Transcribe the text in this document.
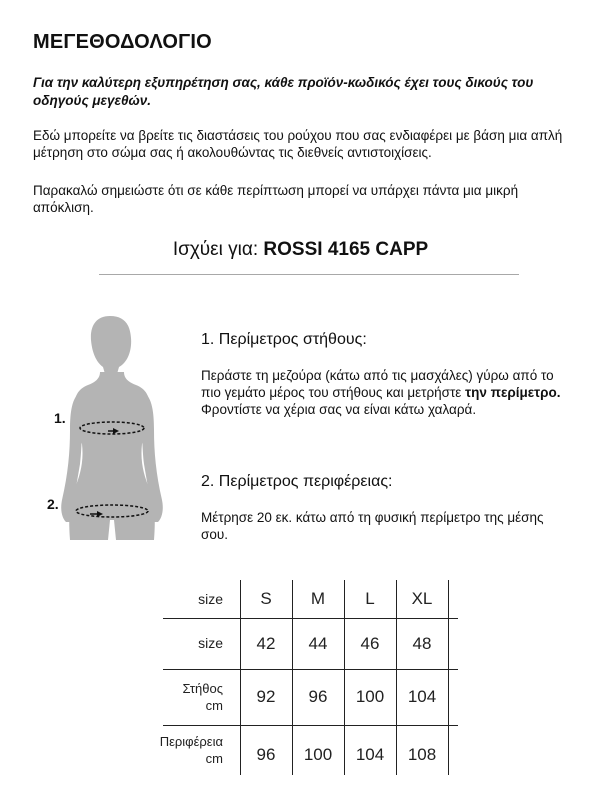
ΜΕΓΕΘΟΔΟΛΟΓΙΟ
Για την καλύτερη εξυπηρέτηση σας, κάθε προϊόν-κωδικός έχει τους δικούς του οδηγούς μεγεθών.
Εδώ μπορείτε να βρείτε τις διαστάσεις του ρούχου που σας ενδιαφέρει με βάση μια απλή μέτρηση στο σώμα σας ή ακολουθώντας τις διεθνείς αντιστοιχίσεις.
Παρακαλώ σημειώστε ότι σε κάθε περίπτωση μπορεί να υπάρχει πάντα μια μικρή απόκλιση.
Ισχύει για: ROSSI 4165 CAPP
1.
2.
1. Περίμετρος στήθους:
Περάστε τη μεζούρα (κάτω από τις μασχάλες) γύρω από το πιο γεμάτο μέρος του στήθους και μετρήστε την περίμετρο.
Φροντίστε να χέρια σας να είναι κάτω χαλαρά.
2. Περίμετρος περιφέρειας:
Μέτρησε 20 εκ. κάτω από τη φυσική περίμετρο της μέσης σου.
size	S	M	L	XL
size	42	44	46	48
Στήθος cm	92	96	100	104
Περιφέρεια cm	96	100	104	108
